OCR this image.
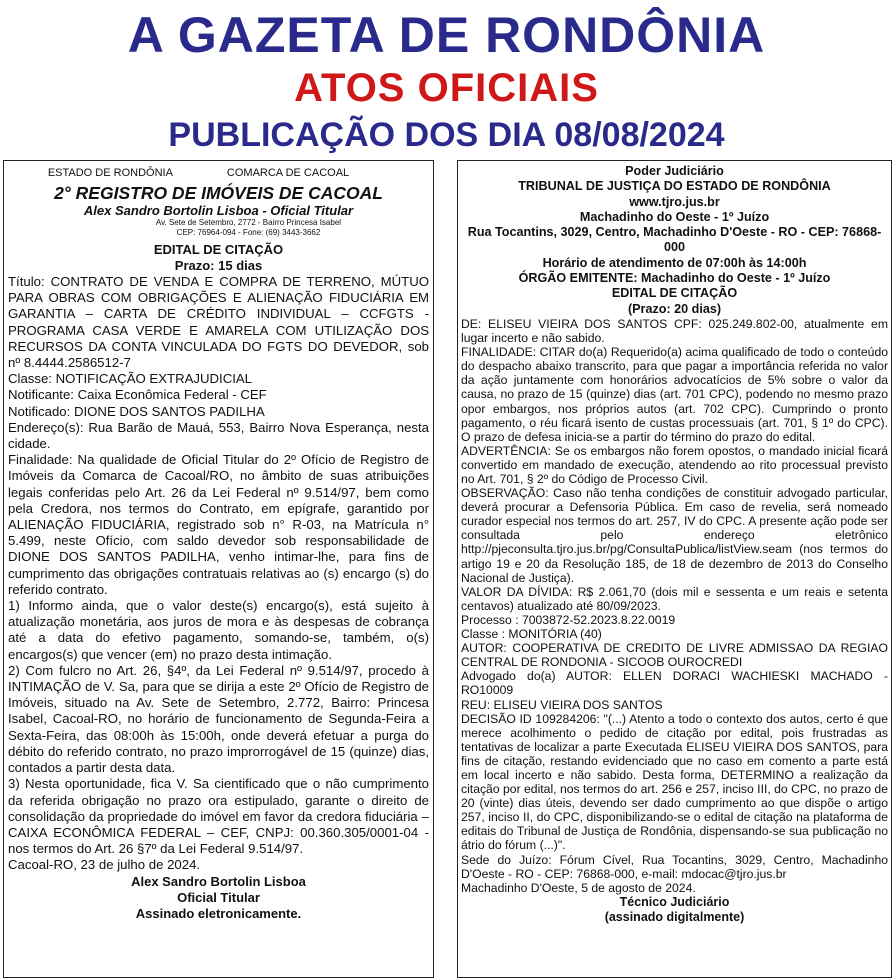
A GAZETA DE RONDÔNIA
ATOS OFICIAIS
PUBLICAÇÃO DOS DIA 08/08/2024
ESTADO DE RONDÔNIA	COMARCA DE CACOAL
2° REGISTRO DE IMÓVEIS DE CACOAL
Alex Sandro Bortolin Lisboa - Oficial Titular
Av. Sete de Setembro, 2772 - Bairro Princesa Isabel
CEP: 76964-094 - Fone: (69) 3443-3662
EDITAL DE CITAÇÃO
Prazo: 15 dias

Título: CONTRATO DE VENDA E COMPRA DE TERRENO, MÚTUO PARA OBRAS COM OBRIGAÇÕES E ALIENAÇÃO FIDUCIÁRIA EM GARANTIA – CARTA DE CRÉDITO INDIVIDUAL – CCFGTS - PROGRAMA CASA VERDE E AMARELA COM UTILIZAÇÃO DOS RECURSOS DA CONTA VINCULADA DO FGTS DO DEVEDOR, sob nº 8.4444.2586512-7

Classe: NOTIFICAÇÃO EXTRAJUDICIAL

Notificante: Caixa Econômica Federal - CEF

Notificado: DIONE DOS SANTOS PADILHA

Endereço(s): Rua Barão de Mauá, 553, Bairro Nova Esperança, nesta cidade.

Finalidade: Na qualidade de Oficial Titular do 2º Ofício de Registro de Imóveis da Comarca de Cacoal/RO, no âmbito de suas atribuições legais conferidas pelo Art. 26 da Lei Federal nº 9.514/97, bem como pela Credora, nos termos do Contrato, em epígrafe, garantido por ALIENAÇÃO FIDUCIÁRIA, registrado sob n° R-03, na Matrícula n° 5.499, neste Ofício, com saldo devedor sob responsabilidade de DIONE DOS SANTOS PADILHA, venho intimar-lhe, para fins de cumprimento das obrigações contratuais relativas ao (s) encargo (s) do referido contrato.

1) Informo ainda, que o valor deste(s) encargo(s), está sujeito à atualização monetária, aos juros de mora e às despesas de cobrança até a data do efetivo pagamento, somando-se, também, o(s) encargos(s) que vencer (em) no prazo desta intimação.

2) Com fulcro no Art. 26, §4º, da Lei Federal nº 9.514/97, procedo à INTIMAÇÃO de V. Sa, para que se dirija a este 2º Ofício de Registro de Imóveis, situado na Av. Sete de Setembro, 2.772, Bairro: Princesa Isabel, Cacoal-RO, no horário de funcionamento de Segunda-Feira a Sexta-Feira, das 08:00h às 15:00h, onde deverá efetuar a purga do débito do referido contrato, no prazo improrrogável de 15 (quinze) dias, contados a partir desta data.

3) Nesta oportunidade, fica V. Sa cientificado que o não cumprimento da referida obrigação no prazo ora estipulado, garante o direito de consolidação da propriedade do imóvel em favor da credora fiduciária – CAIXA ECONÔMICA FEDERAL – CEF, CNPJ: 00.360.305/0001-04 - nos termos do Art. 26 §7º da Lei Federal 9.514/97.

Cacoal-RO, 23 de julho de 2024.

Alex Sandro Bortolin Lisboa
Oficial Titular
Assinado eletronicamente.
Poder Judiciário
TRIBUNAL DE JUSTIÇA DO ESTADO DE RONDÔNIA
www.tjro.jus.br
Machadinho do Oeste - 1º Juízo
Rua Tocantins, 3029, Centro, Machadinho D'Oeste - RO - CEP: 76868-000
Horário de atendimento de 07:00h às 14:00h
ÓRGÃO EMITENTE: Machadinho do Oeste - 1º Juízo
EDITAL DE CITAÇÃO
(Prazo: 20 dias)

DE: ELISEU VIEIRA DOS SANTOS CPF: 025.249.802-00, atualmente em lugar incerto e não sabido.

FINALIDADE: CITAR do(a) Requerido(a) acima qualificado de todo o conteúdo do despacho abaixo transcrito, para que pagar a importância referida no valor da ação juntamente com honorários advocatícios de 5% sobre o valor da causa, no prazo de 15 (quinze) dias (art. 701 CPC), podendo no mesmo prazo opor embargos, nos próprios autos (art. 702 CPC). Cumprindo o pronto pagamento, o réu ficará isento de custas processuais (art. 701, § 1º do CPC). O prazo de defesa inicia-se a partir do término do prazo do edital.

ADVERTÊNCIA: Se os embargos não forem opostos, o mandado inicial ficará convertido em mandado de execução, atendendo ao rito processual previsto no Art. 701, § 2º do Código de Processo Civil.

OBSERVAÇÃO: Caso não tenha condições de constituir advogado particular, deverá procurar a Defensoria Pública. Em caso de revelia, será nomeado curador especial nos termos do art. 257, IV do CPC. A presente ação pode ser consultada pelo endereço eletrônico http://pjeconsulta.tjro.jus.br/pg/ConsultaPublica/listView.seam (nos termos do artigo 19 e 20 da Resolução 185, de 18 de dezembro de 2013 do Conselho Nacional de Justiça).

VALOR DA DÍVIDA: R$ 2.061,70 (dois mil e sessenta e um reais e setenta centavos) atualizado até 80/09/2023.

Processo : 7003872-52.2023.8.22.0019

Classe : MONITÓRIA (40)

AUTOR: COOPERATIVA DE CREDITO DE LIVRE ADMISSAO DA REGIAO CENTRAL DE RONDONIA - SICOOB OUROCREDI

Advogado do(a) AUTOR: ELLEN DORACI WACHIESKI MACHADO - RO10009

REU: ELISEU VIEIRA DOS SANTOS

DECISÃO ID 109284206: "(...) Atento a todo o contexto dos autos, certo é que merece acolhimento o pedido de citação por edital, pois frustradas as tentativas de localizar a parte Executada ELISEU VIEIRA DOS SANTOS, para fins de citação, restando evidenciado que no caso em comento a parte está em local incerto e não sabido. Desta forma, DETERMINO a realização da citação por edital, nos termos do art. 256 e 257, inciso III, do CPC, no prazo de 20 (vinte) dias úteis, devendo ser dado cumprimento ao que dispõe o artigo 257, inciso II, do CPC, disponibilizando-se o edital de citação na plataforma de editais do Tribunal de Justiça de Rondônia, dispensando-se sua publicação no átrio do fórum (...)".

Sede do Juízo: Fórum Cível, Rua Tocantins, 3029, Centro, Machadinho D'Oeste - RO - CEP: 76868-000, e-mail: mdocac@tjro.jus.br

Machadinho D'Oeste, 5 de agosto de 2024.

Técnico Judiciário
(assinado digitalmente)
